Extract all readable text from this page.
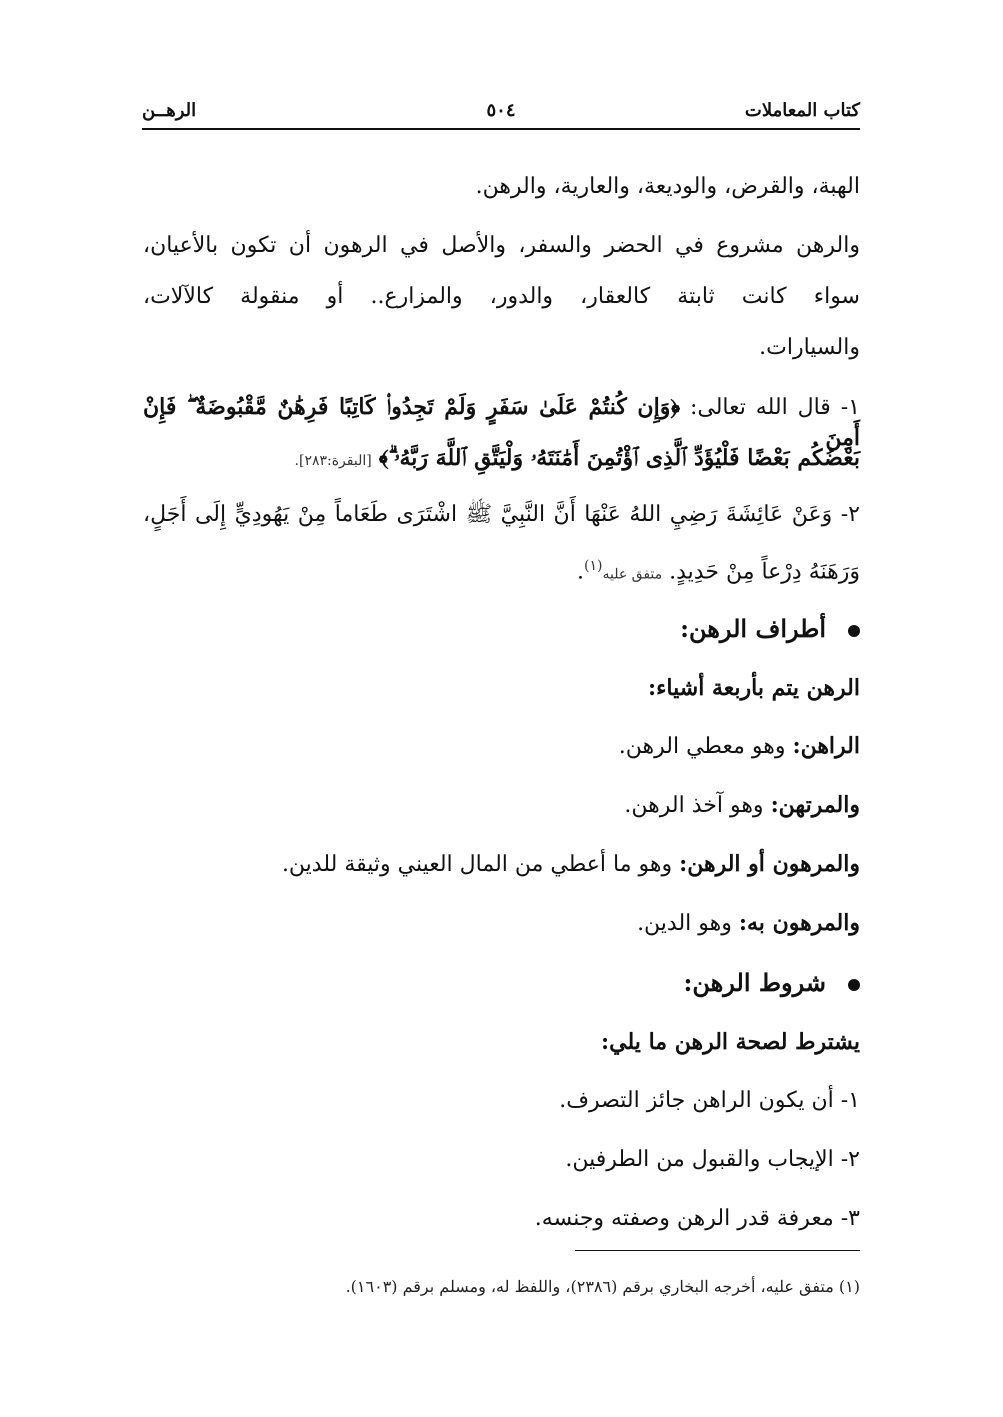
كتاب المعاملات
٥٠٤
الرهــن
الهبة، والقرض، والوديعة، والعارية، والرهن.
والرهن مشروع في الحضر والسفر، والأصل في الرهون أن تكون بالأعيان،
سواء كانت ثابتة كالعقار، والدور، والمزارع.. أو منقولة كالآلات،
والسيارات.
١- قال الله تعالى: ﴿وَإِن كُنتُمْ عَلَىٰ سَفَرٍ وَلَمْ تَجِدُوا۟ كَاتِبًا فَرِهَٰنٌ مَّقْبُوضَةٌ ۖ فَإِنْ أَمِنَ
بَعْضُكُم بَعْضًا فَلْيُؤَدِّ ٱلَّذِى ٱؤْتُمِنَ أَمَٰنَتَهُۥ وَلْيَتَّقِ ٱللَّهَ رَبَّهُۥ ۗ﴾ [البقرة:٢٨٣].
٢- وَعَنْ عَائِشَةَ رَضِيِ اللهُ عَنْهَا أَنَّ النَّبِيَّ ﷺ اشْتَرَى طَعَاماً مِنْ يَهُودِيٍّ إِلَى أَجَلٍ،
وَرَهَنَهُ دِرْعاً مِنْ حَدِيدٍ. متفق عليه$^{(١)}$.
أطراف الرهن:
الرهن يتم بأربعة أشياء:
الراهن: وهو معطي الرهن.
والمرتهن: وهو آخذ الرهن.
والمرهون أو الرهن: وهو ما أعطي من المال العيني وثيقة للدين.
والمرهون به: وهو الدين.
شروط الرهن:
يشترط لصحة الرهن ما يلي:
١- أن يكون الراهن جائز التصرف.
٢- الإيجاب والقبول من الطرفين.
٣- معرفة قدر الرهن وصفته وجنسه.
(١) متفق عليه، أخرجه البخاري برقم (٢٣٨٦)، واللفظ له، ومسلم برقم (١٦٠٣).
